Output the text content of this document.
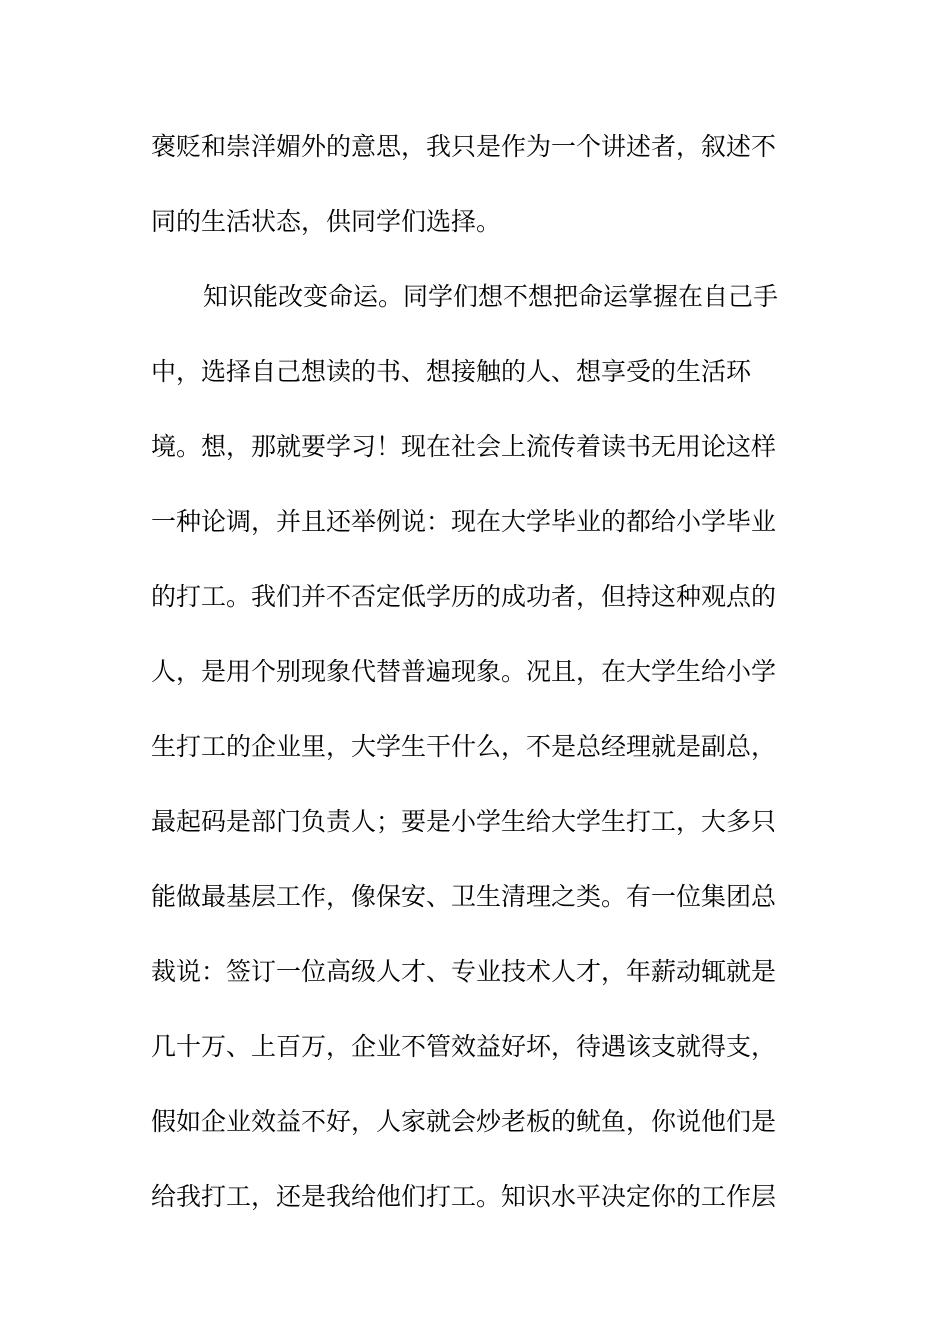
褒贬和崇洋媚外的意思，我只是作为一个讲述者，叙述不
同的生活状态，供同学们选择。
知识能改变命运。同学们想不想把命运掌握在自己手
中，选择自己想读的书、想接触的人、想享受的生活环
境。想，那就要学习！现在社会上流传着读书无用论这样
一种论调，并且还举例说：现在大学毕业的都给小学毕业
的打工。我们并不否定低学历的成功者，但持这种观点的
人，是用个别现象代替普遍现象。况且，在大学生给小学
生打工的企业里，大学生干什么，不是总经理就是副总，
最起码是部门负责人；要是小学生给大学生打工，大多只
能做最基层工作，像保安、卫生清理之类。有一位集团总
裁说：签订一位高级人才、专业技术人才，年薪动辄就是
几十万、上百万，企业不管效益好坏，待遇该支就得支，
假如企业效益不好，人家就会炒老板的鱿鱼，你说他们是
给我打工，还是我给他们打工。知识水平决定你的工作层
